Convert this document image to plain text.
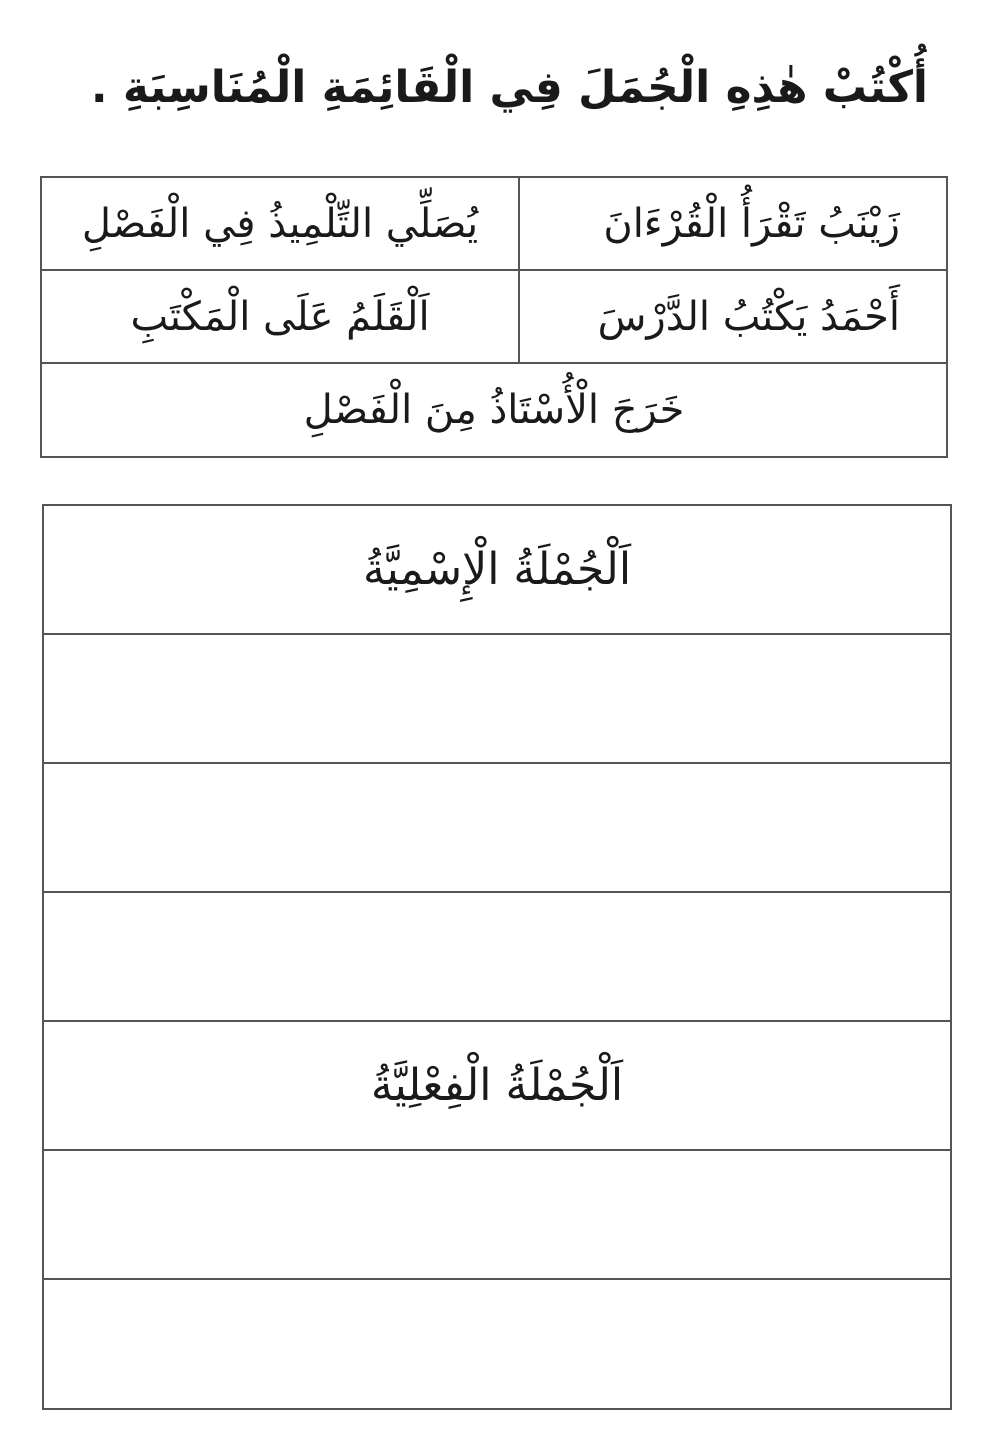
أُكْتُبْ هٰذِهِ الْجُمَلَ فِي الْقَائِمَةِ الْمُنَاسِبَةِ .
زَيْنَبُ تَقْرَأُ الْقُرْءَانَ
يُصَلِّي التِّلْمِيذُ فِي الْفَصْلِ
أَحْمَدُ يَكْتُبُ الدَّرْسَ
اَلْقَلَمُ عَلَى الْمَكْتَبِ
خَرَجَ الْأُسْتَاذُ مِنَ الْفَصْلِ
اَلْجُمْلَةُ الْإِسْمِيَّةُ
اَلْجُمْلَةُ الْفِعْلِيَّةُ
